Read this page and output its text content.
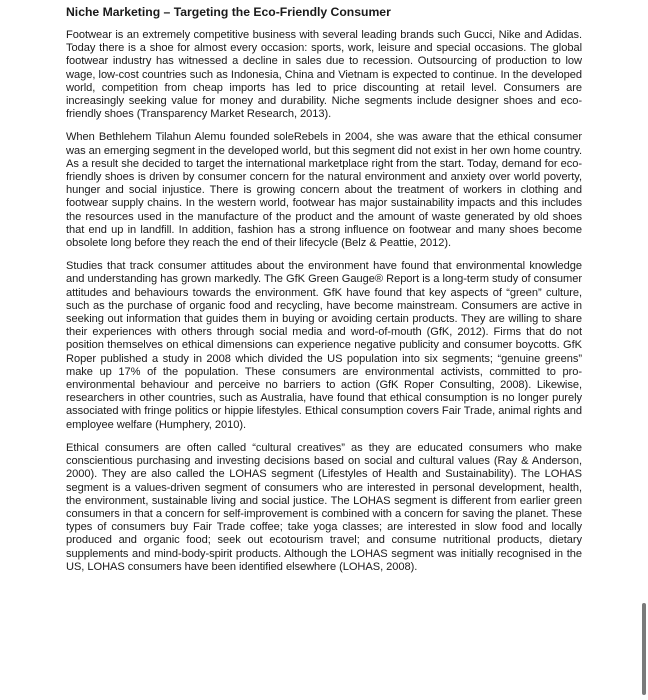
Niche Marketing – Targeting the Eco-Friendly Consumer

Footwear is an extremely competitive business with several leading brands such Gucci, Nike and Adidas. Today there is a shoe for almost every occasion: sports, work, leisure and special occasions. The global footwear industry has witnessed a decline in sales due to recession. Outsourcing of production to low wage, low-cost countries such as Indonesia, China and Vietnam is expected to continue. In the developed world, competition from cheap imports has led to price discounting at retail level. Consumers are increasingly seeking value for money and durability. Niche segments include designer shoes and eco-friendly shoes (Transparency Market Research, 2013).

When Bethlehem Tilahun Alemu founded soleRebels in 2004, she was aware that the ethical consumer was an emerging segment in the developed world, but this segment did not exist in her own home country. As a result she decided to target the international marketplace right from the start. Today, demand for eco-friendly shoes is driven by consumer concern for the natural environment and anxiety over world poverty, hunger and social injustice. There is growing concern about the treatment of workers in clothing and footwear supply chains. In the western world, footwear has major sustainability impacts and this includes the resources used in the manufacture of the product and the amount of waste generated by old shoes that end up in landfill. In addition, fashion has a strong influence on footwear and many shoes become obsolete long before they reach the end of their lifecycle (Belz & Peattie, 2012).

Studies that track consumer attitudes about the environment have found that environmental knowledge and understanding has grown markedly. The GfK Green Gauge® Report is a long-term study of consumer attitudes and behaviours towards the environment. GfK have found that key aspects of “green” culture, such as the purchase of organic food and recycling, have become mainstream. Consumers are active in seeking out information that guides them in buying or avoiding certain products. They are willing to share their experiences with others through social media and word-of-mouth (GfK, 2012). Firms that do not position themselves on ethical dimensions can experience negative publicity and consumer boycotts. GfK Roper published a study in 2008 which divided the US population into six segments; “genuine greens” make up 17% of the population. These consumers are environmental activists, committed to pro-environmental behaviour and perceive no barriers to action (GfK Roper Consulting, 2008). Likewise, researchers in other countries, such as Australia, have found that ethical consumption is no longer purely associated with fringe politics or hippie lifestyles. Ethical consumption covers Fair Trade, animal rights and employee welfare (Humphery, 2010).

Ethical consumers are often called “cultural creatives” as they are educated consumers who make conscientious purchasing and investing decisions based on social and cultural values (Ray & Anderson, 2000). They are also called the LOHAS segment (Lifestyles of Health and Sustainability). The LOHAS segment is a values-driven segment of consumers who are interested in personal development, health, the environment, sustainable living and social justice. The LOHAS segment is different from earlier green consumers in that a concern for self-improvement is combined with a concern for saving the planet. These types of consumers buy Fair Trade coffee; take yoga classes; are interested in slow food and locally produced and organic food; seek out ecotourism travel; and consume nutritional products, dietary supplements and mind-body-spirit products. Although the LOHAS segment was initially recognised in the US, LOHAS consumers have been identified elsewhere (LOHAS, 2008).
